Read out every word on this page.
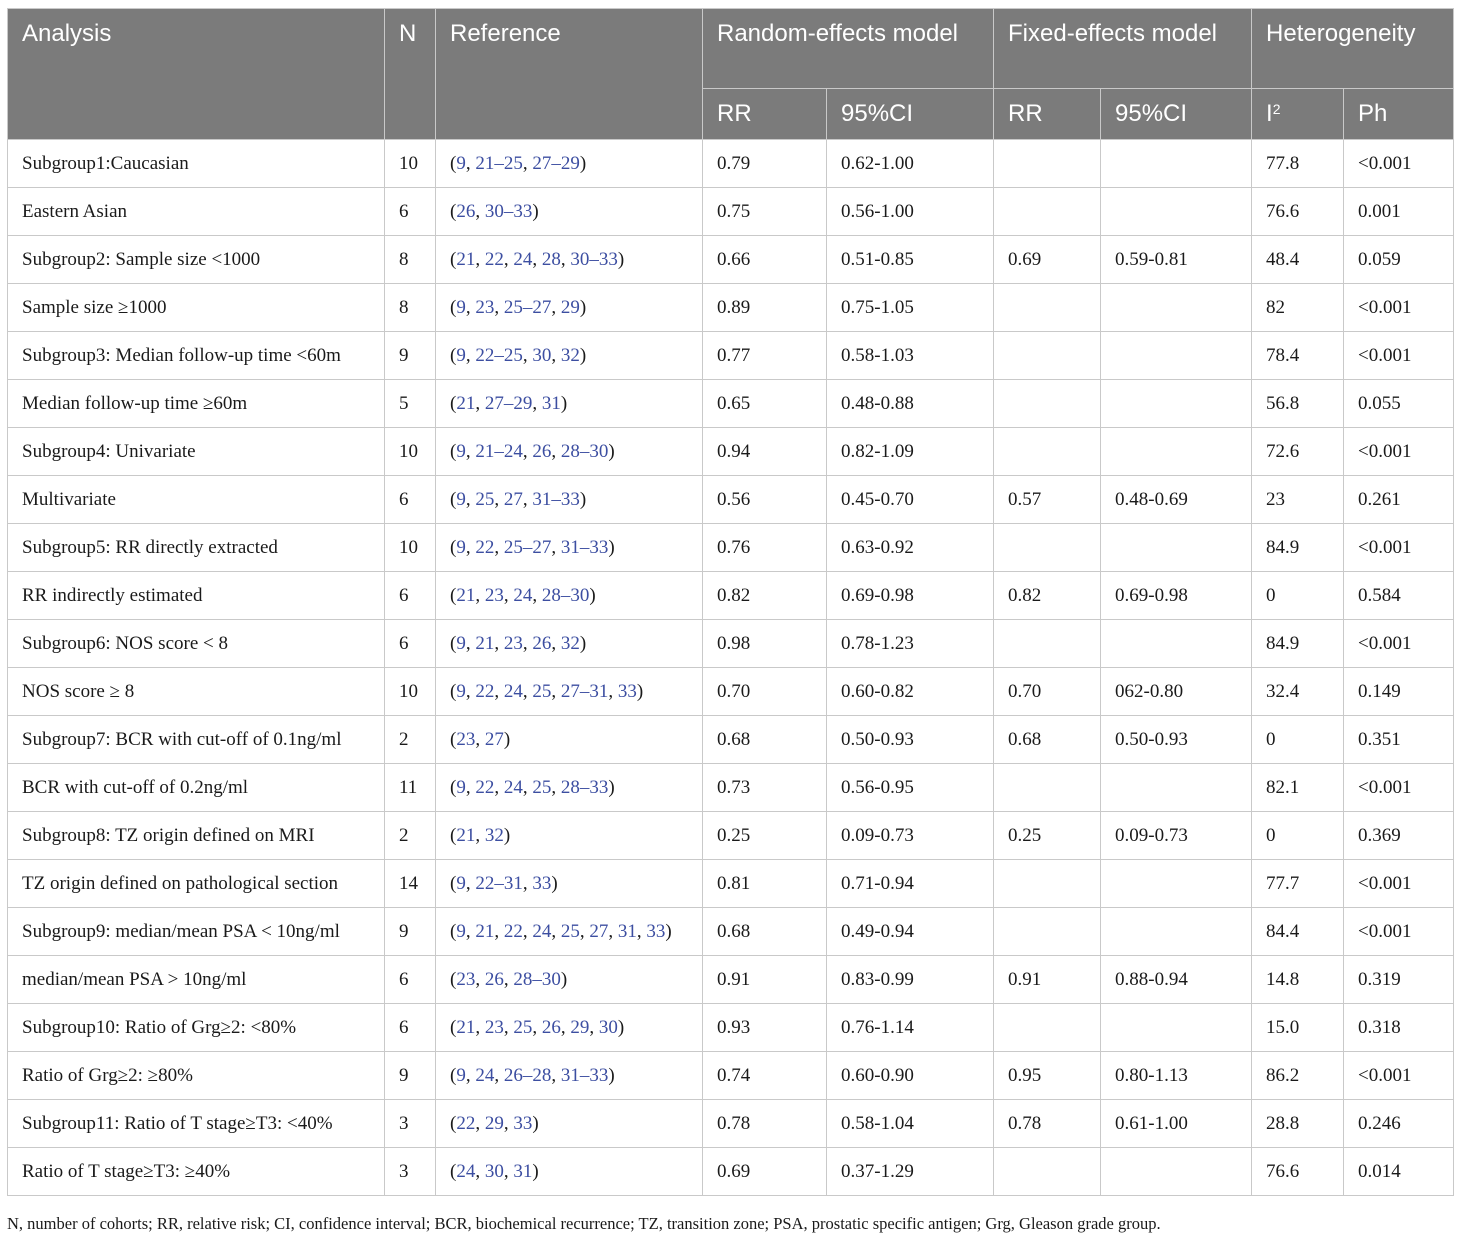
Analysis	N	Reference	Random-effects model		Fixed-effects model		Heterogeneity	
			RR	95%CI	RR	95%CI	$I^2$	Ph
Subgroup1:Caucasian	10	(9, 21–25, 27–29)	0.79	0.62-1.00			77.8	<0.001
Eastern Asian	6	(26, 30–33)	0.75	0.56-1.00			76.6	0.001
Subgroup2: Sample size <1000	8	(21, 22, 24, 28, 30–33)	0.66	0.51-0.85	0.69	0.59-0.81	48.4	0.059
Sample size ≥1000	8	(9, 23, 25–27, 29)	0.89	0.75-1.05			82	<0.001
Subgroup3: Median follow-up time <60m	9	(9, 22–25, 30, 32)	0.77	0.58-1.03			78.4	<0.001
Median follow-up time ≥60m	5	(21, 27–29, 31)	0.65	0.48-0.88			56.8	0.055
Subgroup4: Univariate	10	(9, 21–24, 26, 28–30)	0.94	0.82-1.09			72.6	<0.001
Multivariate	6	(9, 25, 27, 31–33)	0.56	0.45-0.70	0.57	0.48-0.69	23	0.261
Subgroup5: RR directly extracted	10	(9, 22, 25–27, 31–33)	0.76	0.63-0.92			84.9	<0.001
RR indirectly estimated	6	(21, 23, 24, 28–30)	0.82	0.69-0.98	0.82	0.69-0.98	0	0.584
Subgroup6: NOS score < 8	6	(9, 21, 23, 26, 32)	0.98	0.78-1.23			84.9	<0.001
NOS score ≥ 8	10	(9, 22, 24, 25, 27–31, 33)	0.70	0.60-0.82	0.70	062-0.80	32.4	0.149
Subgroup7: BCR with cut-off of 0.1ng/ml	2	(23, 27)	0.68	0.50-0.93	0.68	0.50-0.93	0	0.351
BCR with cut-off of 0.2ng/ml	11	(9, 22, 24, 25, 28–33)	0.73	0.56-0.95			82.1	<0.001
Subgroup8: TZ origin defined on MRI	2	(21, 32)	0.25	0.09-0.73	0.25	0.09-0.73	0	0.369
TZ origin defined on pathological section	14	(9, 22–31, 33)	0.81	0.71-0.94			77.7	<0.001
Subgroup9: median/mean PSA < 10ng/ml	9	(9, 21, 22, 24, 25, 27, 31, 33)	0.68	0.49-0.94			84.4	<0.001
median/mean PSA > 10ng/ml	6	(23, 26, 28–30)	0.91	0.83-0.99	0.91	0.88-0.94	14.8	0.319
Subgroup10: Ratio of Grg≥2: <80%	6	(21, 23, 25, 26, 29, 30)	0.93	0.76-1.14			15.0	0.318
Ratio of Grg≥2: ≥80%	9	(9, 24, 26–28, 31–33)	0.74	0.60-0.90	0.95	0.80-1.13	86.2	<0.001
Subgroup11: Ratio of T stage≥T3: <40%	3	(22, 29, 33)	0.78	0.58-1.04	0.78	0.61-1.00	28.8	0.246
Ratio of T stage≥T3: ≥40%	3	(24, 30, 31)	0.69	0.37-1.29			76.6	0.014
N, number of cohorts; RR, relative risk; CI, confidence interval; BCR, biochemical recurrence; TZ, transition zone; PSA, prostatic specific antigen; Grg, Gleason grade group.
